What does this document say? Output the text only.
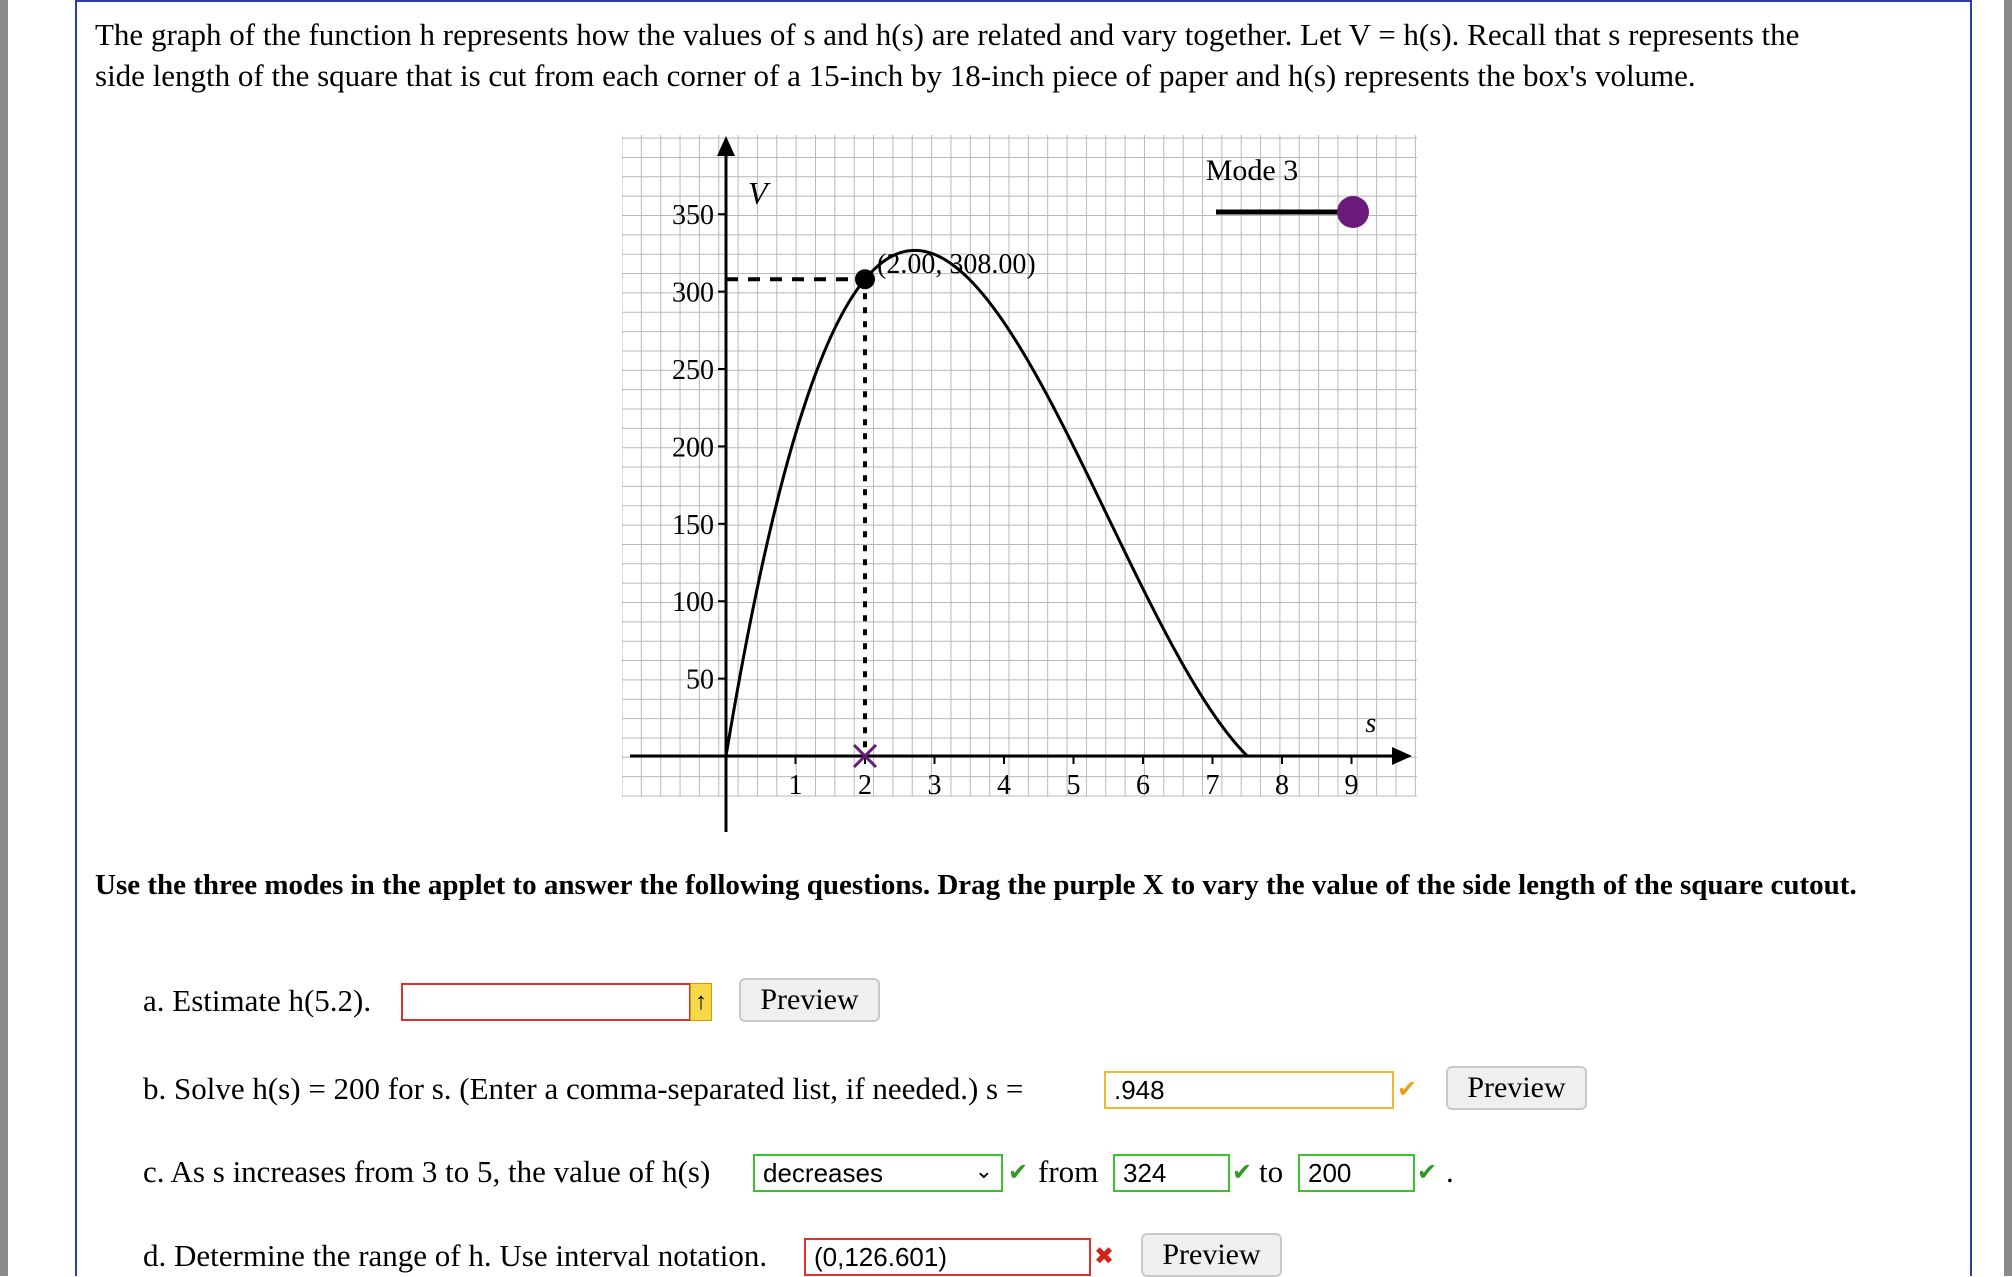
The graph of the function h represents how the values of s and h(s) are related and vary together. Let V = h(s). Recall that s represents the
side length of the square that is cut from each corner of a 15-inch by 18-inch piece of paper and h(s) represents the box's volume.
350
300
250
200
150
100
50
1 2 3 4 5 6 7 8 9
V
s
(2.00, 308.00)
Mode 3
Use the three modes in the applet to answer the following questions. Drag the purple X to vary the value of the side length of the square cutout.
a. Estimate h(5.2).	↑	Preview
b. Solve h(s) = 200 for s. (Enter a comma-separated list, if needed.) s =	.948	✔	Preview
c. As s increases from 3 to 5, the value of h(s)	decreases	⌄ ✔ from 324	✔ to 200	✔ .
d. Determine the range of h. Use interval notation.	(0,126.601)	✖	Preview
